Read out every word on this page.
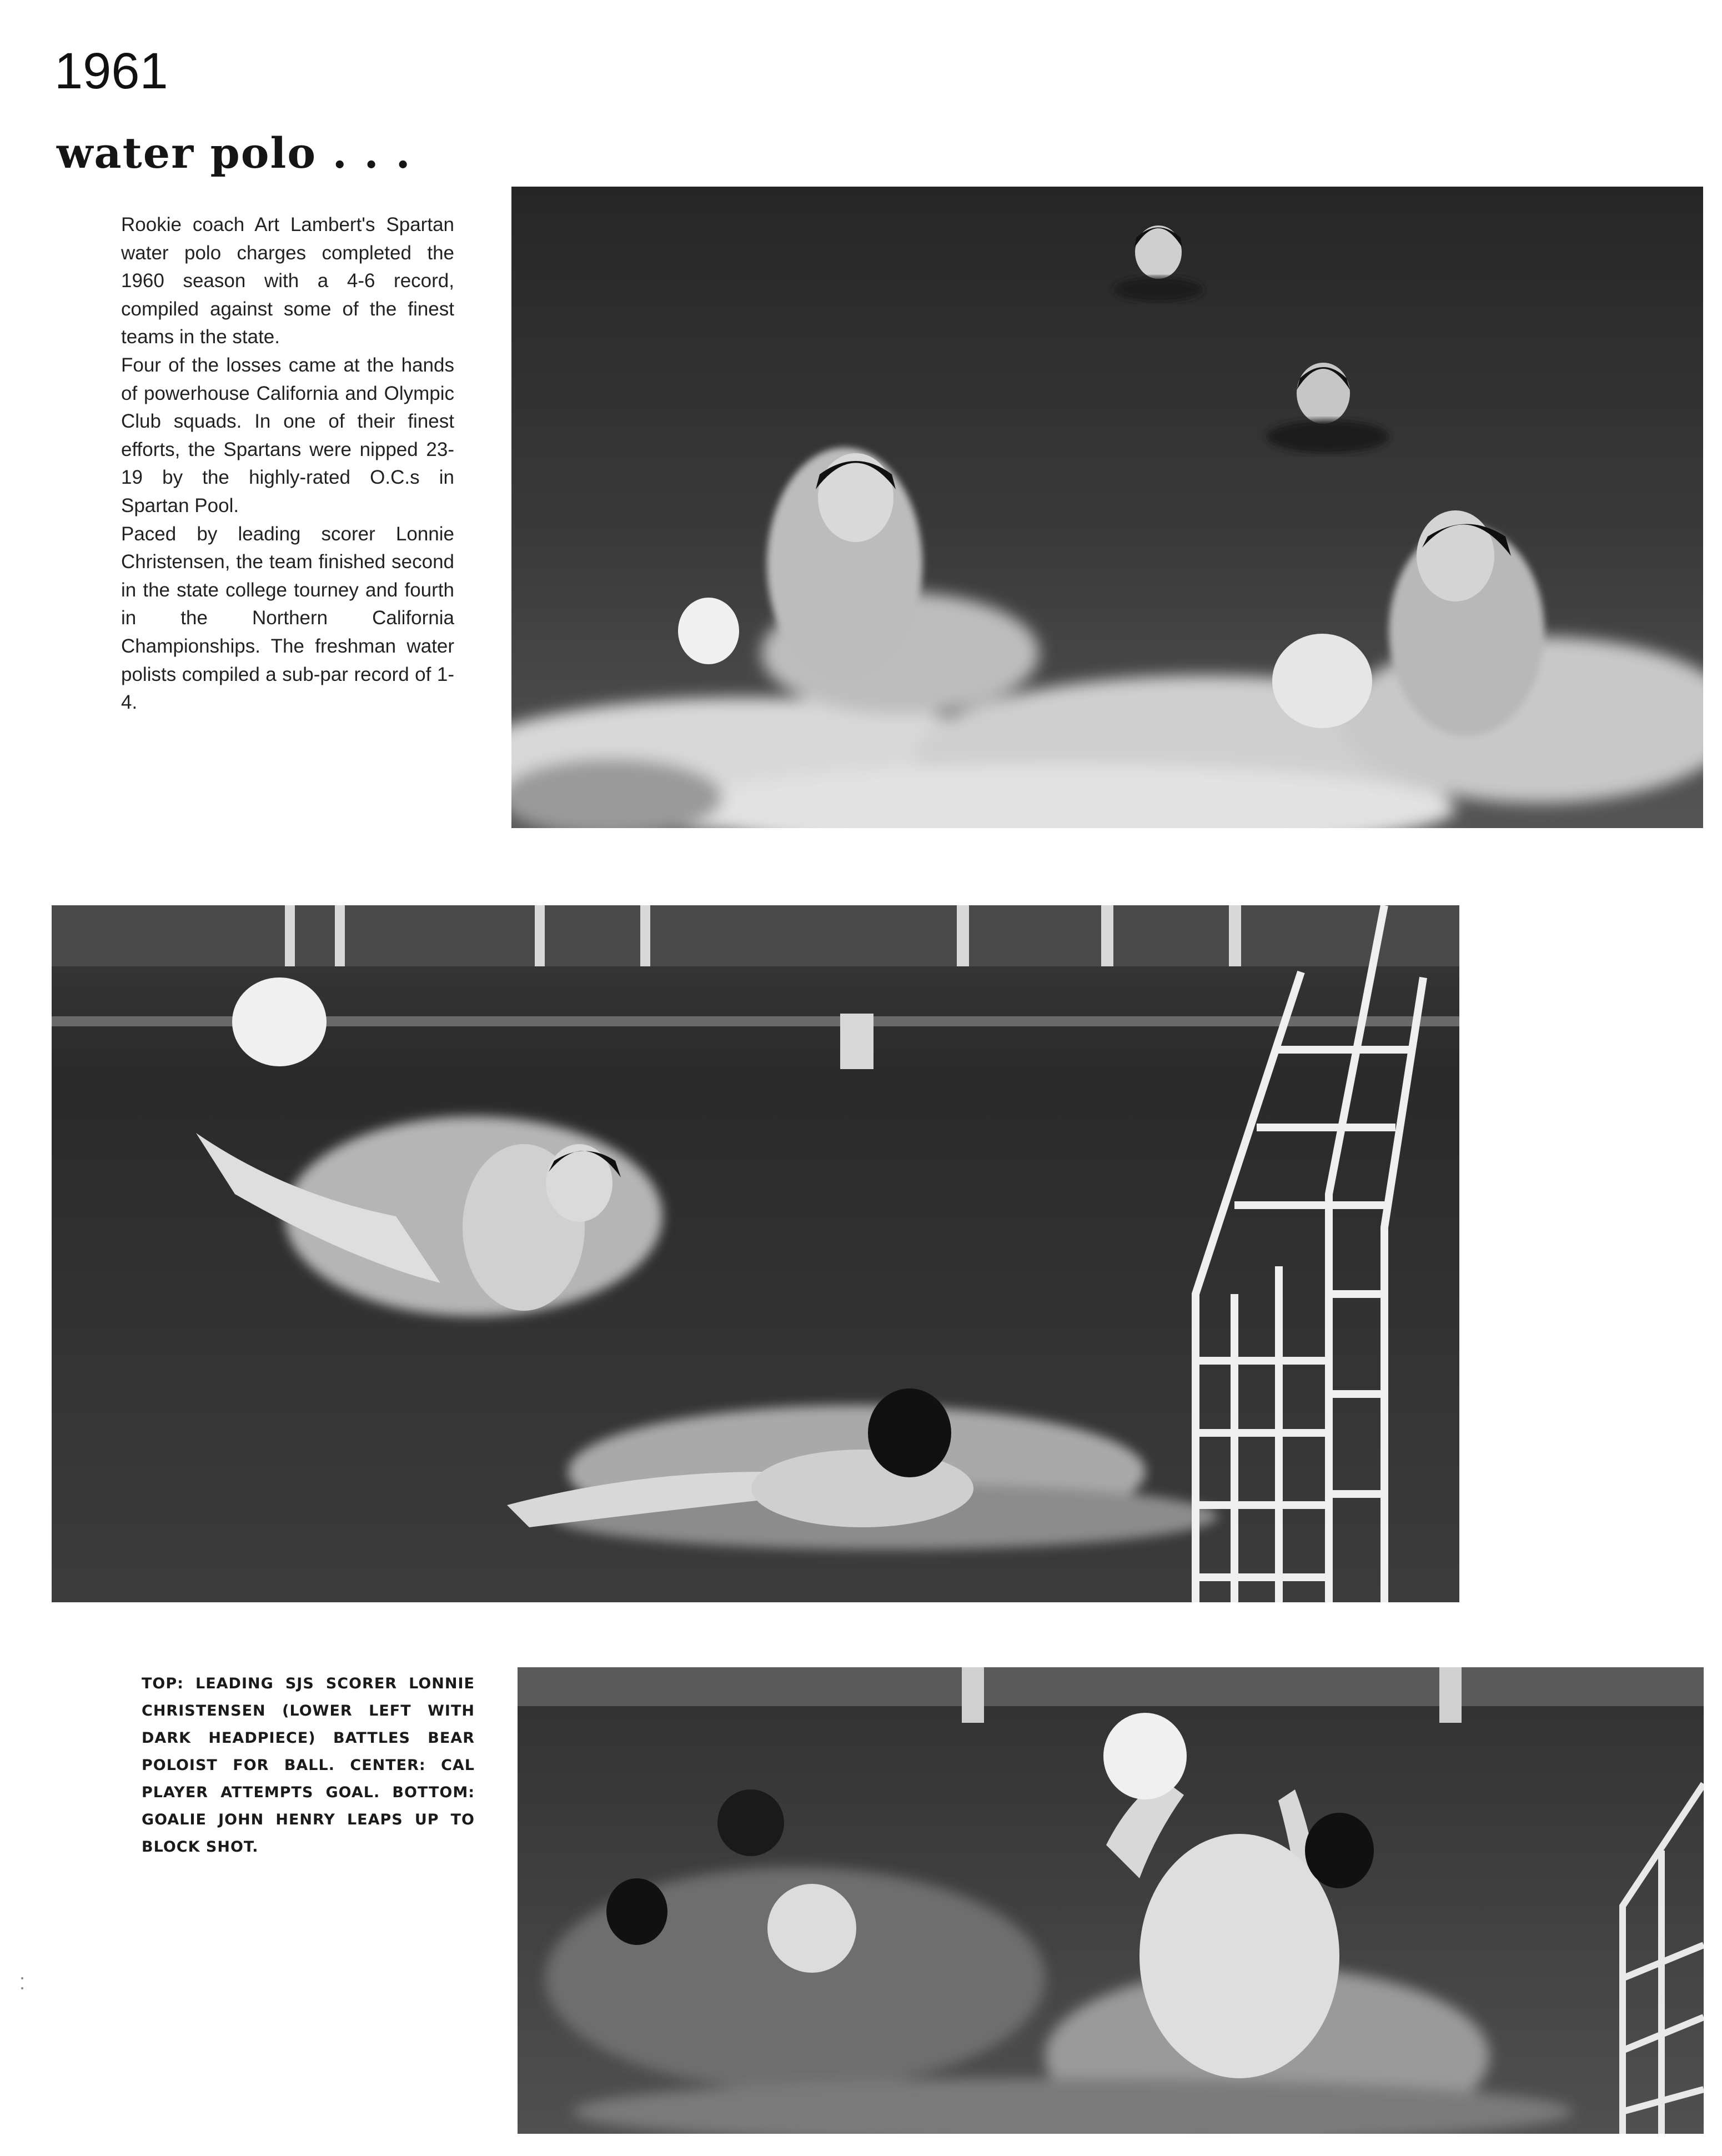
1961
water polo . . .

Rookie coach Art Lambert's Spartan water polo charges completed the 1960 season with a 4-6 record, compiled against some of the finest teams in the state.

Four of the losses came at the hands of powerhouse California and Olympic Club squads. In one of their finest efforts, the Spartans were nipped 23-19 by the highly-rated O.C.s in Spartan Pool.

Paced by leading scorer Lonnie Christensen, the team finished second in the state college tourney and fourth in the Northern California Championships. The freshman water polists compiled a sub-par record of 1-4.

TOP: LEADING SJS SCORER LONNIE CHRISTENSEN (LOWER LEFT WITH DARK HEADPIECE) BATTLES BEAR POLOIST FOR BALL. CENTER: CAL PLAYER ATTEMPTS GOAL. BOTTOM: GOALIE JOHN HENRY LEAPS UP TO BLOCK SHOT.
